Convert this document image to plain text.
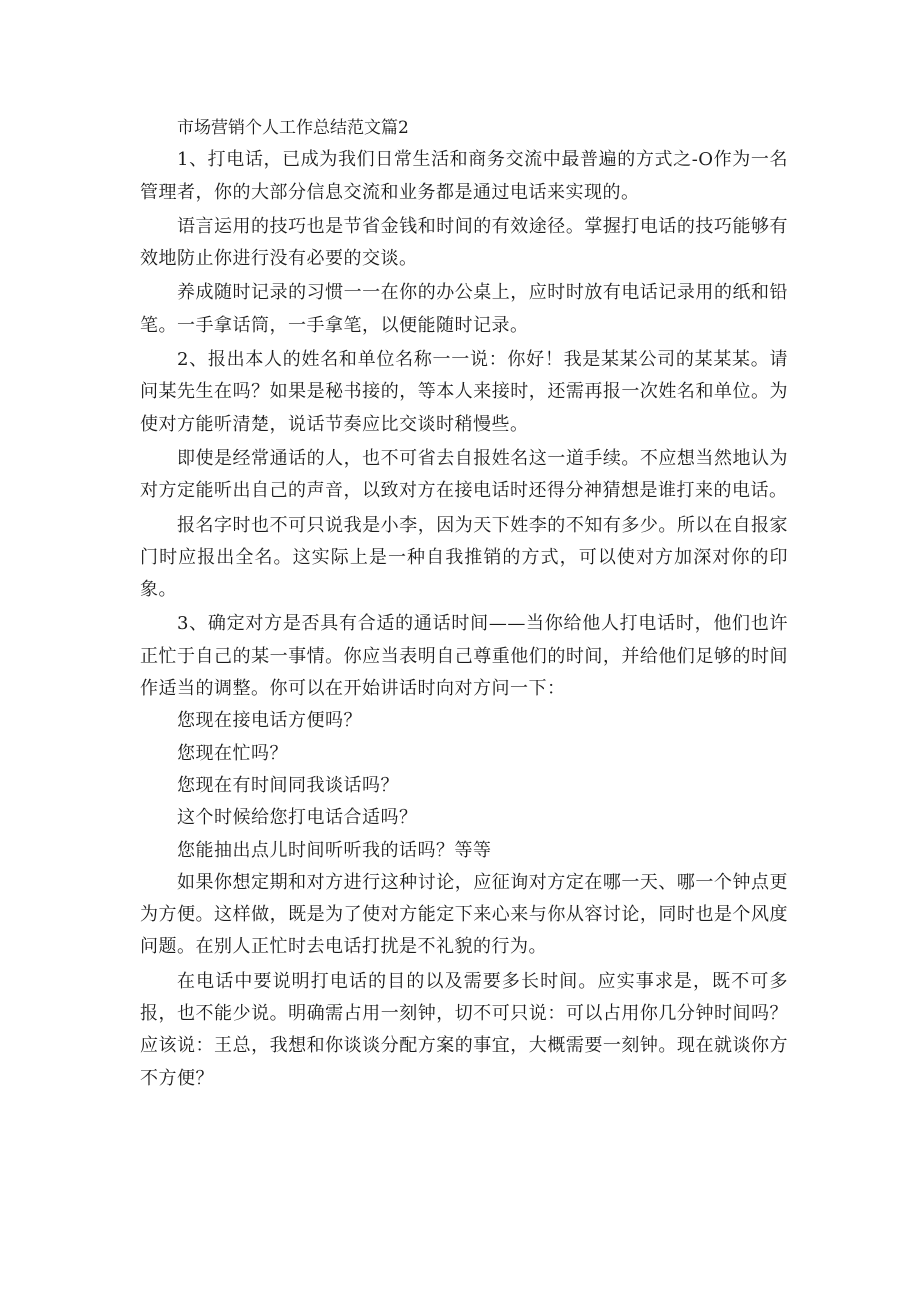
市场营销个人工作总结范文篇2

1、打电话，已成为我们日常生活和商务交流中最普遍的方式之-O作为一名管理者，你的大部分信息交流和业务都是通过电话来实现的。

语言运用的技巧也是节省金钱和时间的有效途径。掌握打电话的技巧能够有效地防止你进行没有必要的交谈。

养成随时记录的习惯一一在你的办公桌上，应时时放有电话记录用的纸和铅笔。一手拿话筒，一手拿笔，以便能随时记录。

2、报出本人的姓名和单位名称一一说：你好！我是某某公司的某某某。请问某先生在吗？如果是秘书接的，等本人来接时，还需再报一次姓名和单位。为使对方能听清楚，说话节奏应比交谈时稍慢些。

即使是经常通话的人，也不可省去自报姓名这一道手续。不应想当然地认为对方定能听出自己的声音，以致对方在接电话时还得分神猜想是谁打来的电话。

报名字时也不可只说我是小李，因为天下姓李的不知有多少。所以在自报家门时应报出全名。这实际上是一种自我推销的方式，可以使对方加深对你的印象。

3、确定对方是否具有合适的通话时间——当你给他人打电话时，他们也许正忙于自己的某一事情。你应当表明自己尊重他们的时间，并给他们足够的时间作适当的调整。你可以在开始讲话时向对方问一下：

您现在接电话方便吗？

您现在忙吗？

您现在有时间同我谈话吗？

这个时候给您打电话合适吗？

您能抽出点儿时间听听我的话吗？等等

如果你想定期和对方进行这种讨论，应征询对方定在哪一天、哪一个钟点更为方便。这样做，既是为了使对方能定下来心来与你从容讨论，同时也是个风度问题。在别人正忙时去电话打扰是不礼貌的行为。

在电话中要说明打电话的目的以及需要多长时间。应实事求是，既不可多报，也不能少说。明确需占用一刻钟，切不可只说：可以占用你几分钟时间吗？应该说：王总，我想和你谈谈分配方案的事宜，大概需要一刻钟。现在就谈你方不方便？
